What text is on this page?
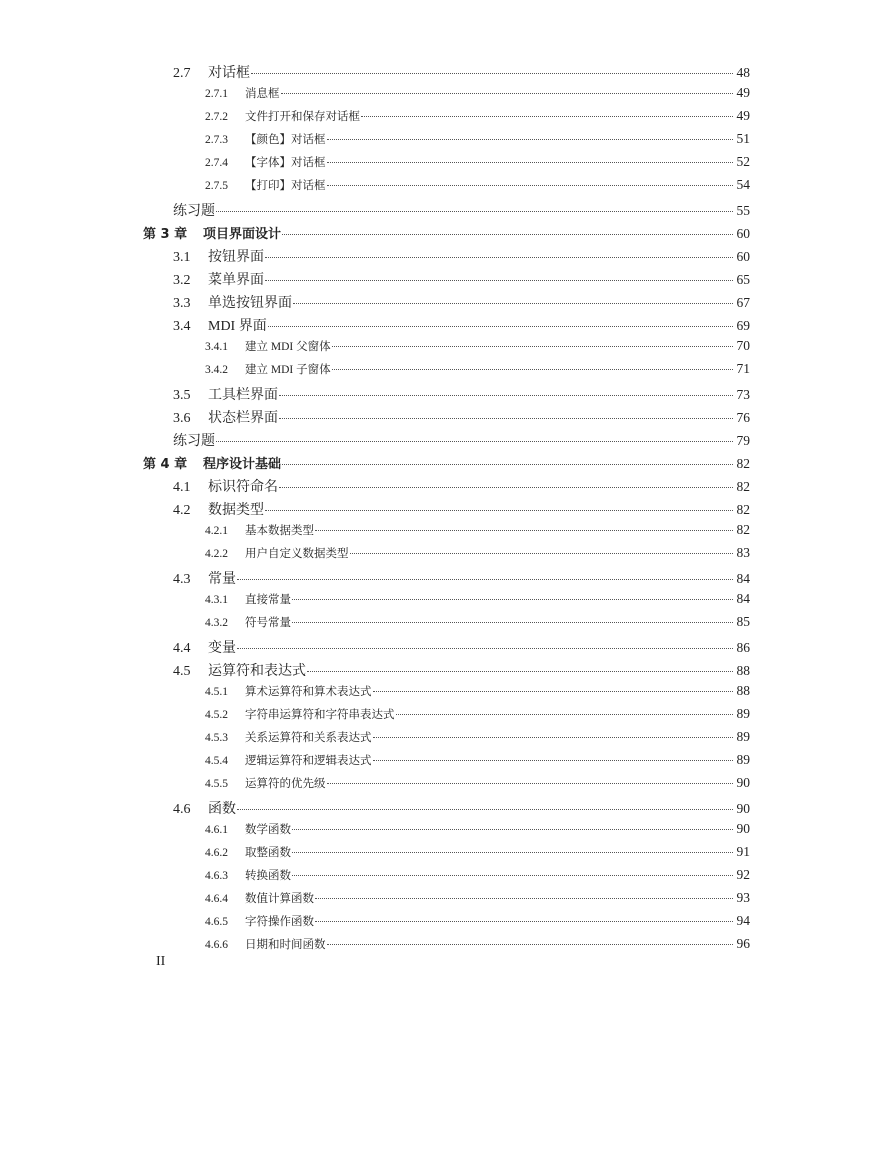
2.7	对话框	48
2.7.1	消息框	49
2.7.2	文件打开和保存对话框	49
2.7.3	【颜色】对话框	51
2.7.4	【字体】对话框	52
2.7.5	【打印】对话框	54
练习题	55
第 3 章	项目界面设计	60
3.1	按钮界面	60
3.2	菜单界面	65
3.3	单选按钮界面	67
3.4	MDI 界面	69
3.4.1	建立 MDI 父窗体	70
3.4.2	建立 MDI 子窗体	71
3.5	工具栏界面	73
3.6	状态栏界面	76
练习题	79
第 4 章	程序设计基础	82
4.1	标识符命名	82
4.2	数据类型	82
4.2.1	基本数据类型	82
4.2.2	用户自定义数据类型	83
4.3	常量	84
4.3.1	直接常量	84
4.3.2	符号常量	85
4.4	变量	86
4.5	运算符和表达式	88
4.5.1	算术运算符和算术表达式	88
4.5.2	字符串运算符和字符串表达式	89
4.5.3	关系运算符和关系表达式	89
4.5.4	逻辑运算符和逻辑表达式	89
4.5.5	运算符的优先级	90
4.6	函数	90
4.6.1	数学函数	90
4.6.2	取整函数	91
4.6.3	转换函数	92
4.6.4	数值计算函数	93
4.6.5	字符操作函数	94
4.6.6	日期和时间函数	96
II
